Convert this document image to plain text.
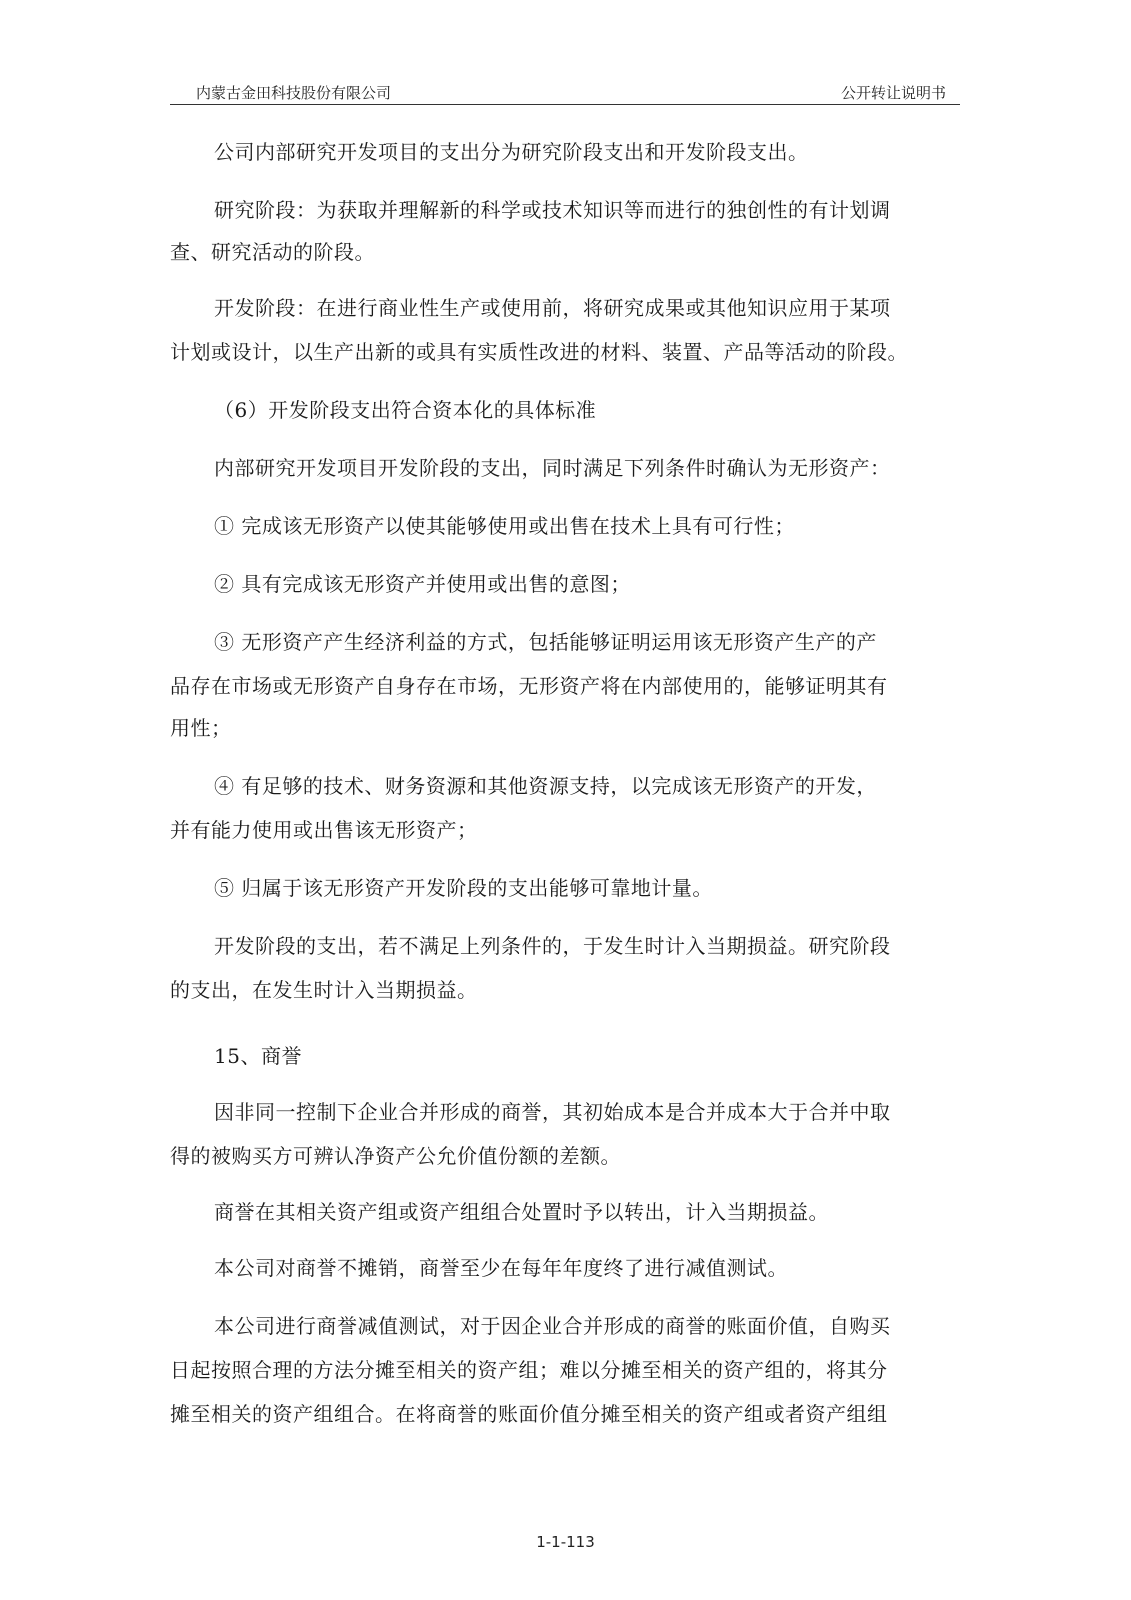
内蒙古金田科技股份有限公司	公开转让说明书
公司内部研究开发项目的支出分为研究阶段支出和开发阶段支出。
研究阶段：为获取并理解新的科学或技术知识等而进行的独创性的有计划调
查、研究活动的阶段。
开发阶段：在进行商业性生产或使用前，将研究成果或其他知识应用于某项
计划或设计，以生产出新的或具有实质性改进的材料、装置、产品等活动的阶段。
（6）开发阶段支出符合资本化的具体标准
内部研究开发项目开发阶段的支出，同时满足下列条件时确认为无形资产：
① 完成该无形资产以使其能够使用或出售在技术上具有可行性；
② 具有完成该无形资产并使用或出售的意图；
③ 无形资产产生经济利益的方式，包括能够证明运用该无形资产生产的产
品存在市场或无形资产自身存在市场，无形资产将在内部使用的，能够证明其有
用性；
④ 有足够的技术、财务资源和其他资源支持，以完成该无形资产的开发，
并有能力使用或出售该无形资产；
⑤ 归属于该无形资产开发阶段的支出能够可靠地计量。
开发阶段的支出，若不满足上列条件的，于发生时计入当期损益。研究阶段
的支出，在发生时计入当期损益。
15、商誉
因非同一控制下企业合并形成的商誉，其初始成本是合并成本大于合并中取
得的被购买方可辨认净资产公允价值份额的差额。
商誉在其相关资产组或资产组组合处置时予以转出，计入当期损益。
本公司对商誉不摊销，商誉至少在每年年度终了进行减值测试。
本公司进行商誉减值测试，对于因企业合并形成的商誉的账面价值，自购买
日起按照合理的方法分摊至相关的资产组；难以分摊至相关的资产组的，将其分
摊至相关的资产组组合。在将商誉的账面价值分摊至相关的资产组或者资产组组
1-1-113
